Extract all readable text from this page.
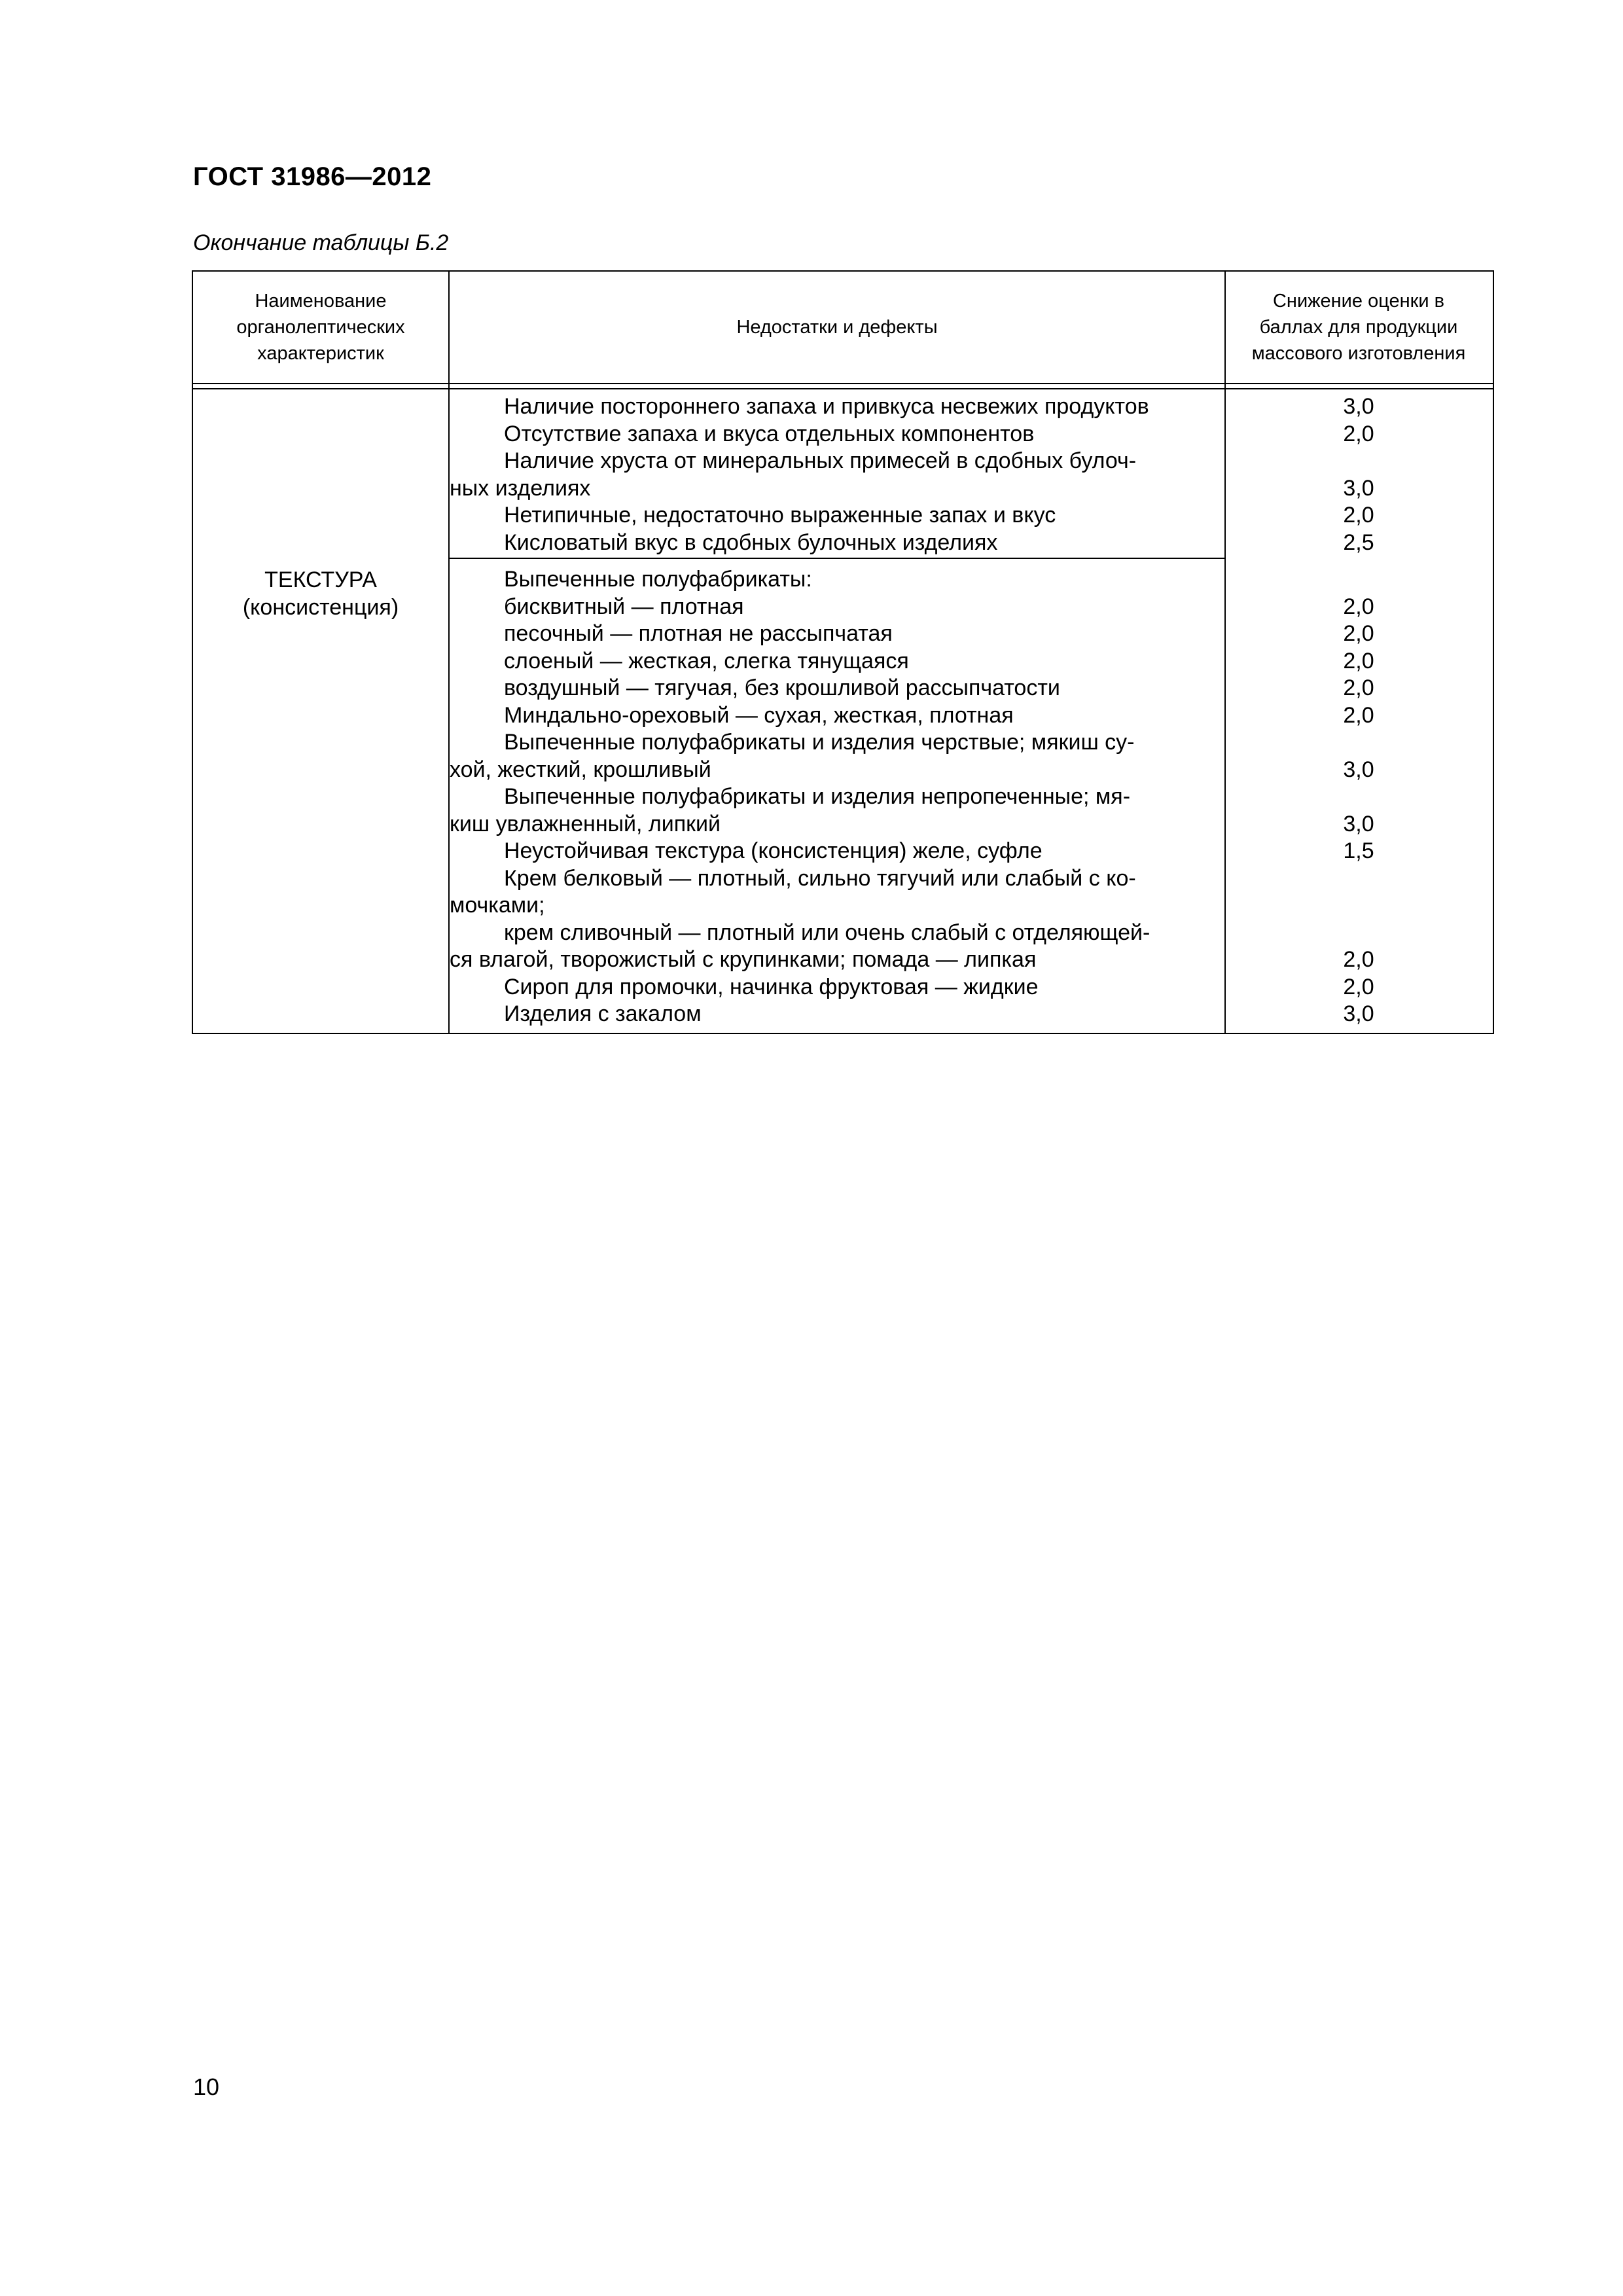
ГОСТ 31986—2012
Окончание таблицы Б.2
Наименование
органолептических
характеристик
Недостатки и дефекты
Снижение оценки в
баллах для продукции
массового изготовления
ТЕКСТУРА
(консистенция)
Наличие постороннего запаха и привкуса несвежих продуктов
Отсутствие запаха и вкуса отдельных компонентов
Наличие хруста от минеральных примесей в сдобных булоч-
ных изделиях
Нетипичные, недостаточно выраженные запах и вкус
Кисловатый вкус в сдобных булочных изделиях
3,0
2,0
3,0
2,0
2,5
Выпеченные полуфабрикаты:
бисквитный — плотная
песочный — плотная не рассыпчатая
слоеный — жесткая, слегка тянущаяся
воздушный — тягучая, без крошливой рассыпчатости
Миндально-ореховый — сухая, жесткая, плотная
Выпеченные полуфабрикаты и изделия черствые; мякиш су-
хой, жесткий, крошливый
Выпеченные полуфабрикаты и изделия непропеченные; мя-
киш увлажненный, липкий
Неустойчивая текстура (консистенция) желе, суфле
Крем белковый — плотный, сильно тягучий или слабый с ко-
мочками;
крем сливочный — плотный или очень слабый с отделяющей-
ся влагой, творожистый с крупинками; помада — липкая
Сироп для промочки, начинка фруктовая — жидкие
Изделия с закалом
2,0
2,0
2,0
2,0
2,0
3,0
3,0
1,5
2,0
2,0
3,0
10
